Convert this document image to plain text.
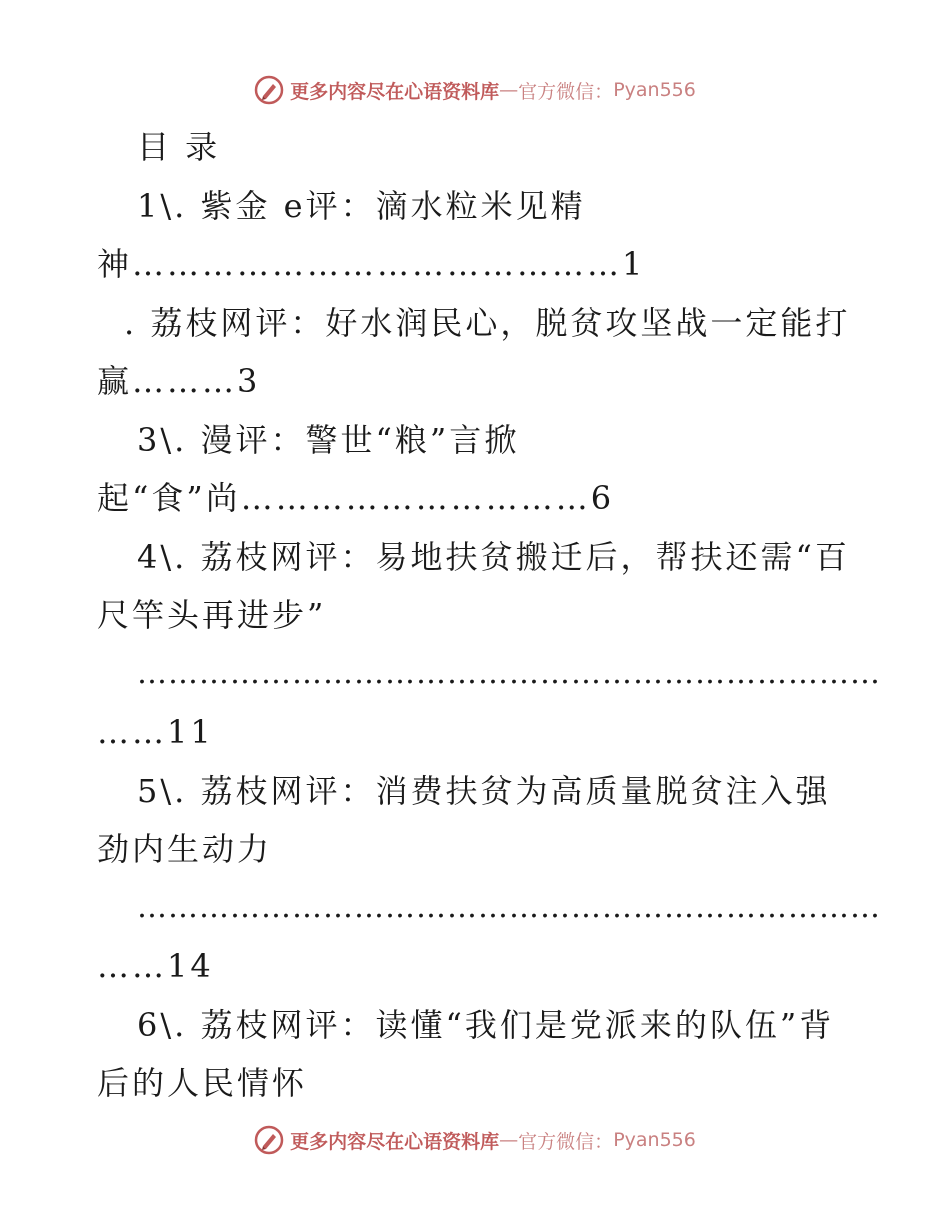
更多内容尽在心语资料库 — 官方微信： Pyan556
目 录
1\. 紫金 e评：滴水粒米见精
神……………………………………1
. 荔枝网评：好水润民心，脱贫攻坚战一定能打
赢………3
3\. 漫评：警世“粮”言掀
起“食”尚…………………………6
4\. 荔枝网评：易地扶贫搬迁后，帮扶还需“百
尺竿头再进步”
………………………………………………………………
……11
5\. 荔枝网评：消费扶贫为高质量脱贫注入强
劲内生动力
………………………………………………………………
……14
6\. 荔枝网评：读懂“我们是党派来的队伍”背
后的人民情怀
更多内容尽在心语资料库 — 官方微信： Pyan556
